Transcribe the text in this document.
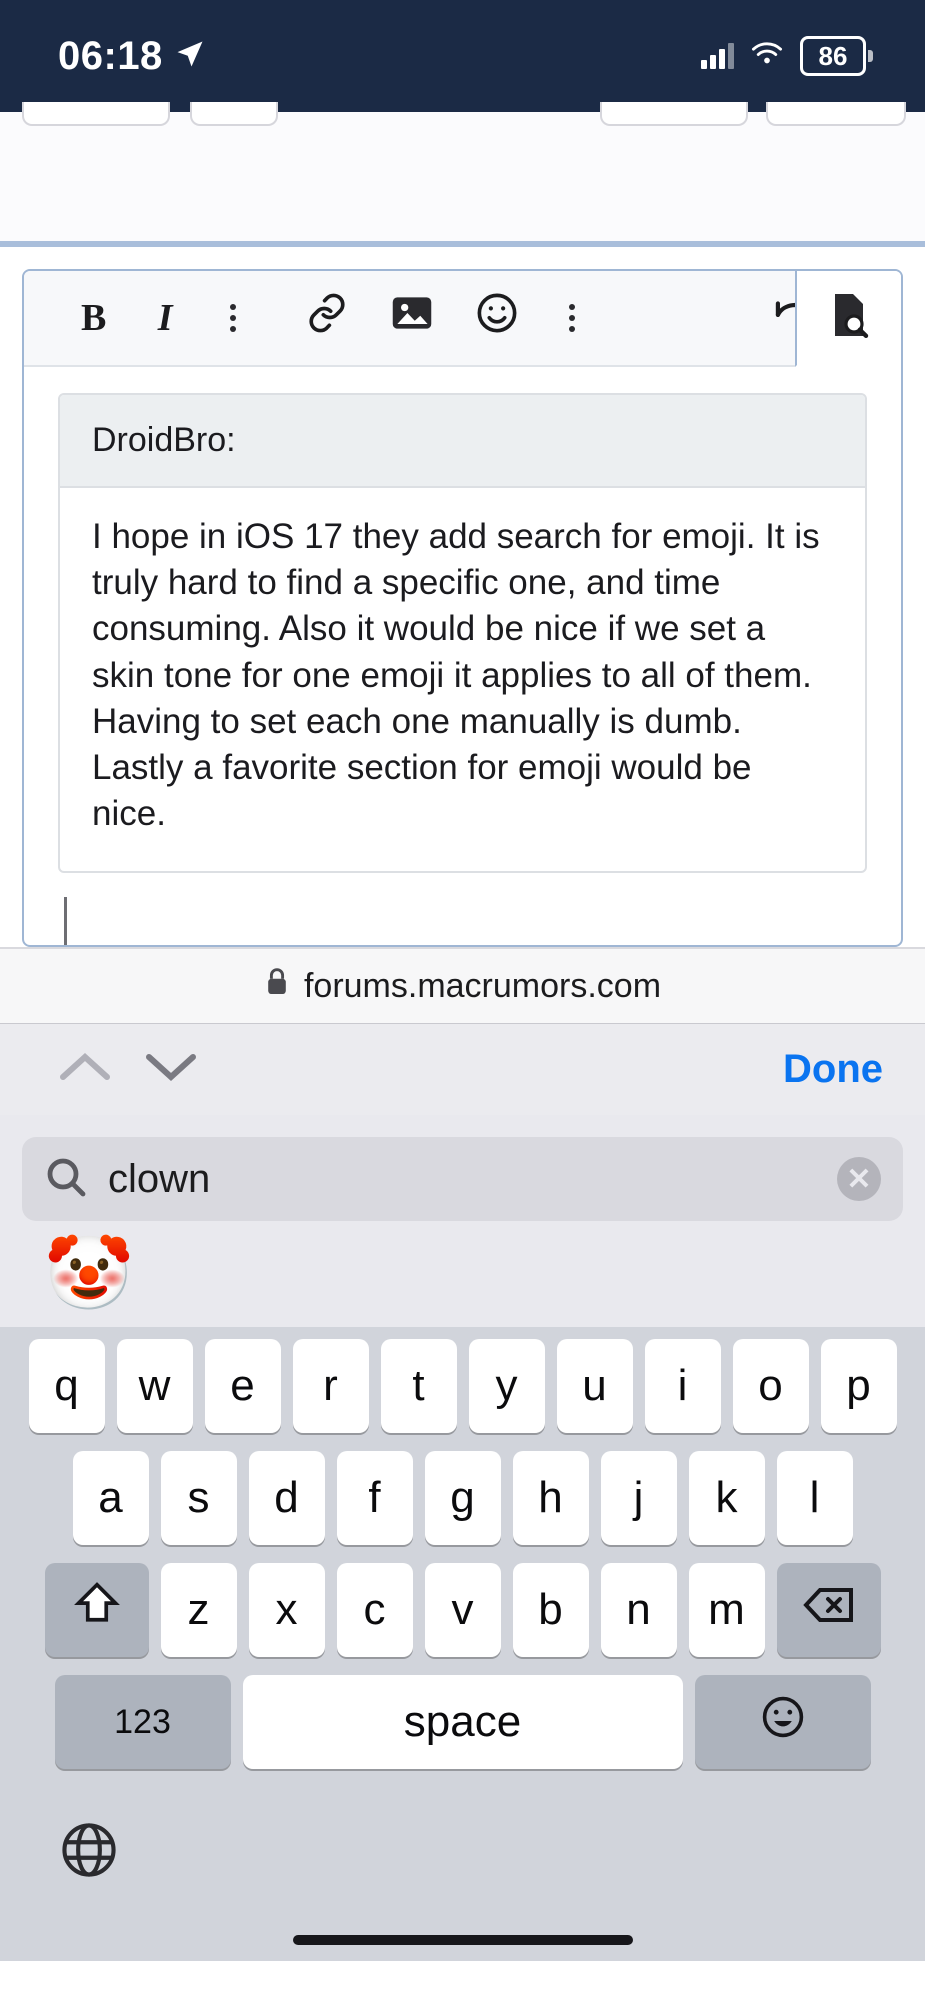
06:18	86
B	I
DroidBro:
I hope in iOS 17 they add search for emoji. It is truly hard to find a specific one, and time consuming. Also it would be nice if we set a skin tone for one emoji it applies to all of them. Having to set each one manually is dumb. Lastly a favorite section for emoji would be nice.
forums.macrumors.com
Done
clown	✕
🤡
q	w	e	r	t	y	u	i	o	p
a	s	d	f	g	h	j	k	l
z	x	c	v	b	n	m
123	space
